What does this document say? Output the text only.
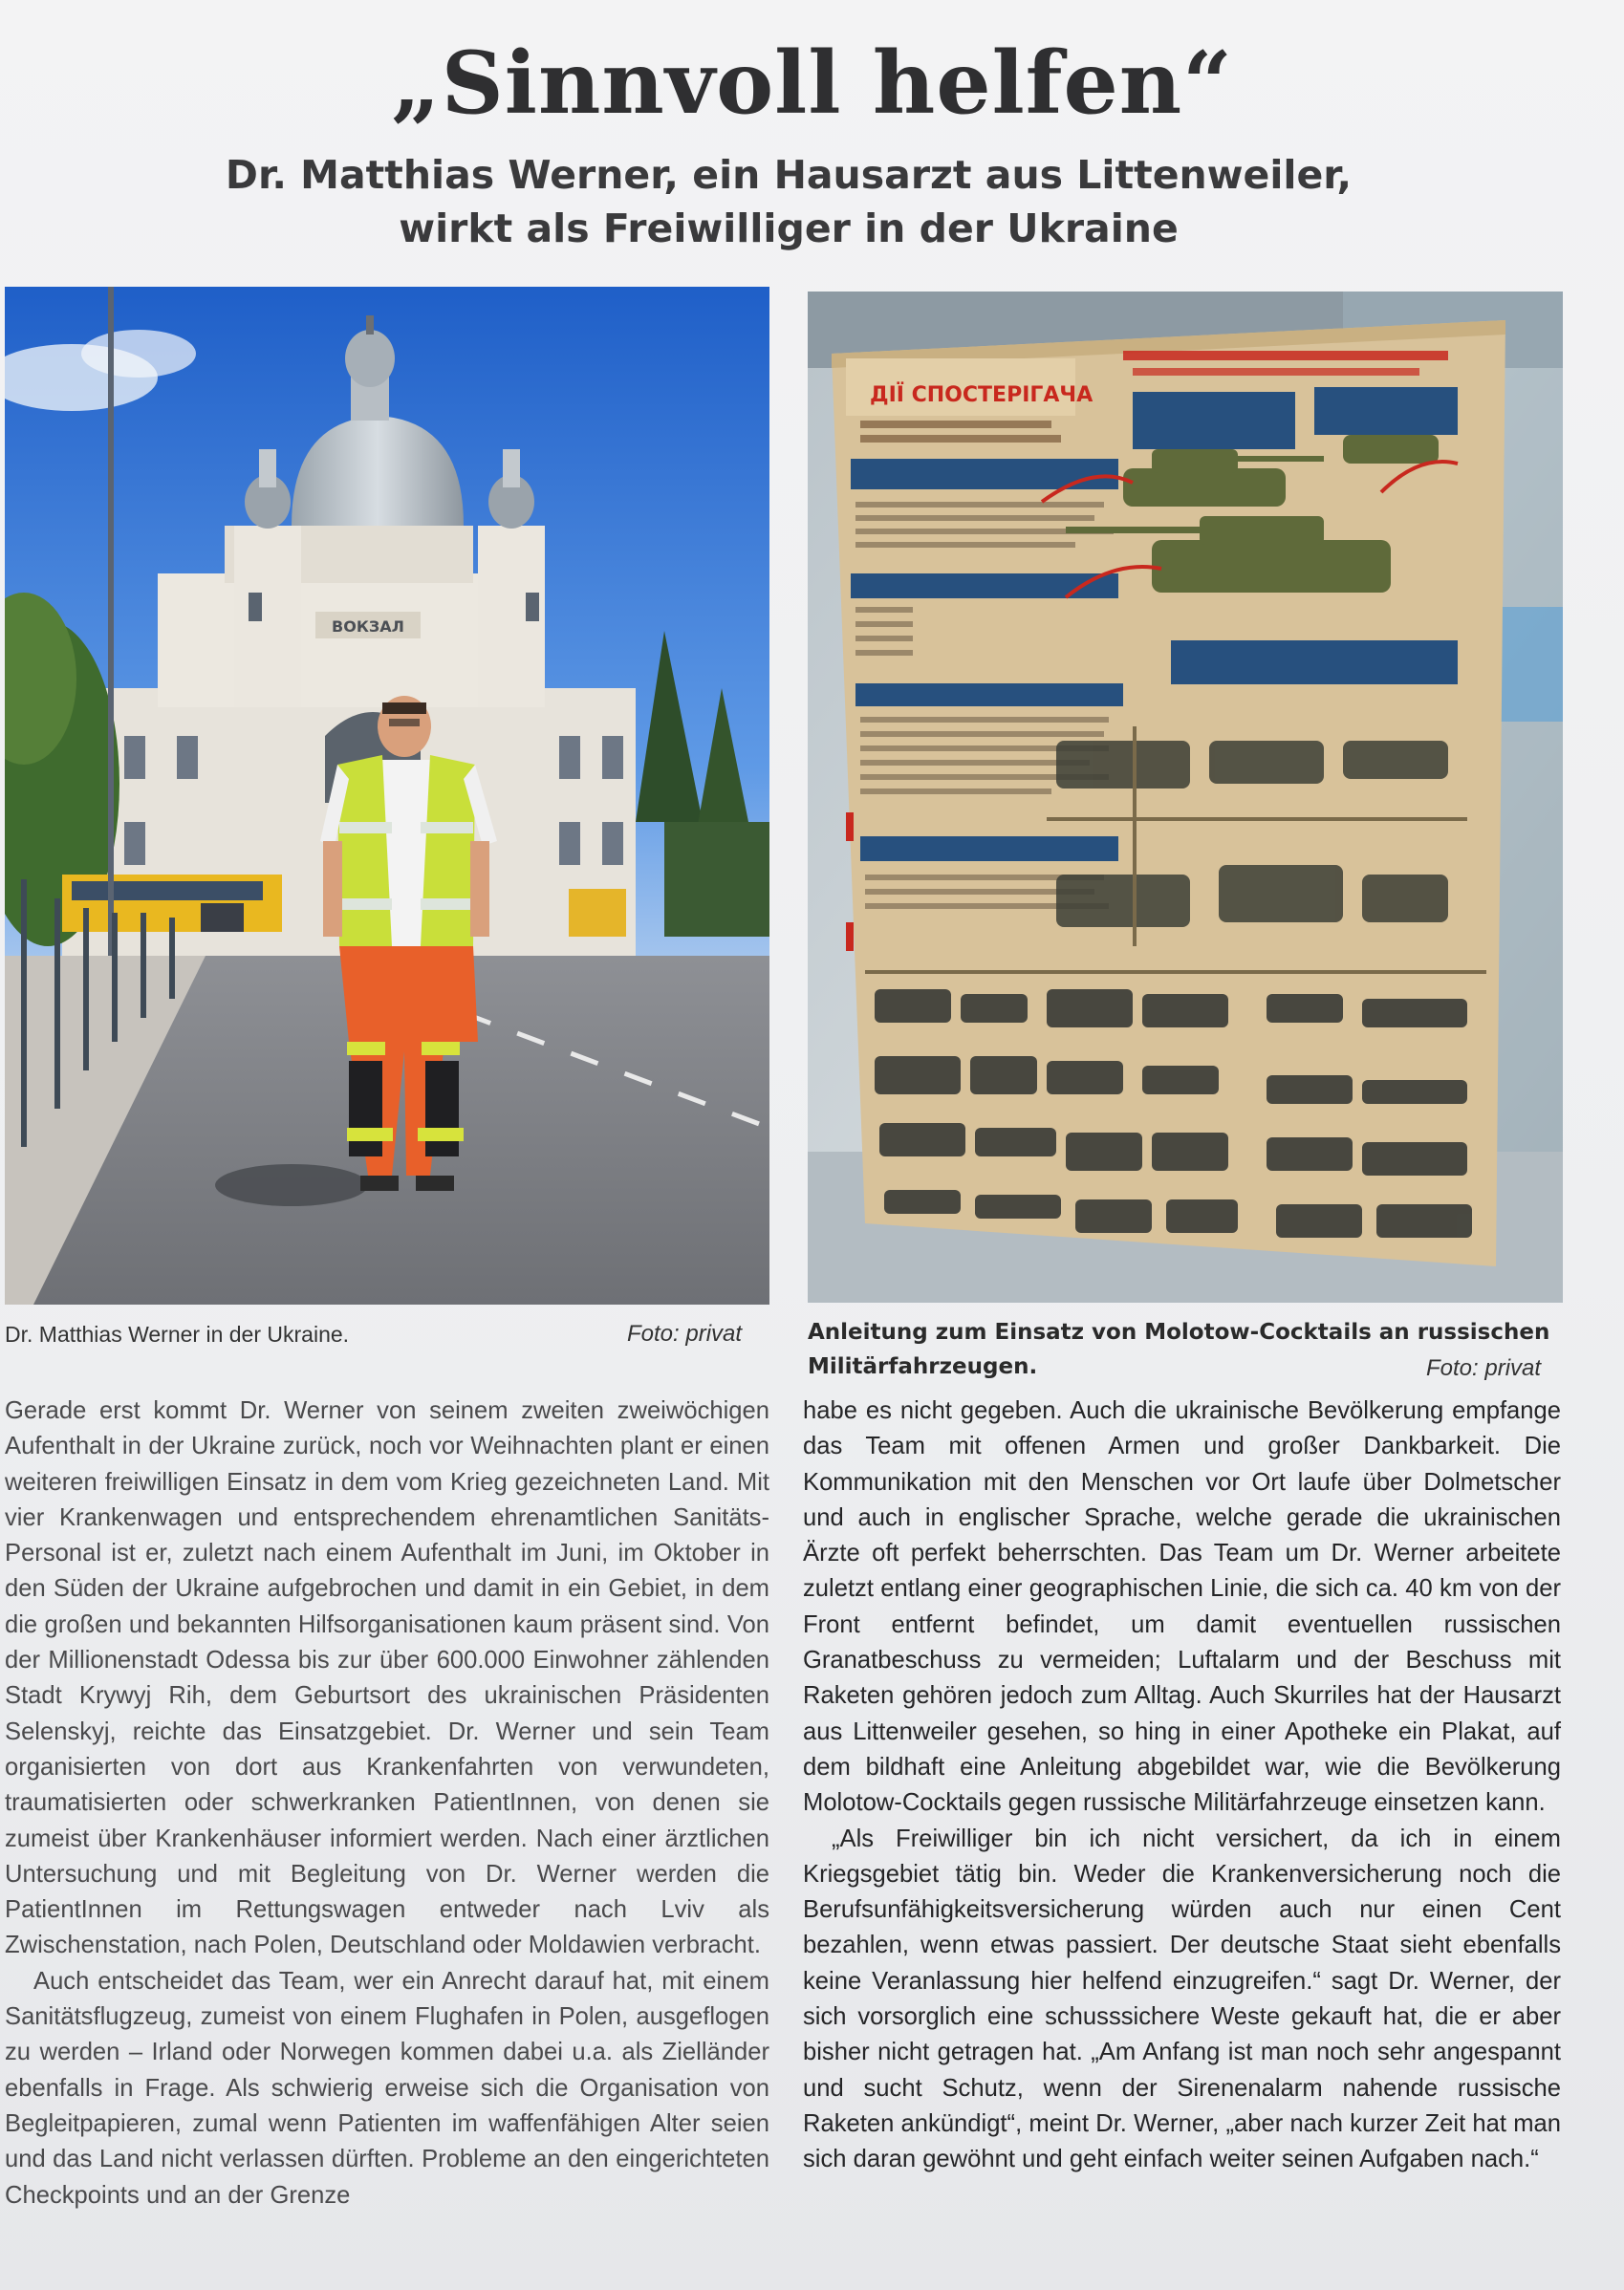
„Sinnvoll helfen“
Dr. Matthias Werner, ein Hausarzt aus Littenweiler,
wirkt als Freiwilliger in der Ukraine
ВОКЗАЛ
Dr. Matthias Werner in der Ukraine.	Foto: privat
ДІЇ СПОСТЕРІГАЧА
Anleitung zum Einsatz von Molotow-Cocktails an russischen
Militärfahrzeugen.	Foto: privat

Gerade erst kommt Dr. Werner von seinem zweiten zweiwöchigen Aufenthalt in der Ukraine zurück, noch vor Weihnachten plant er einen weiteren freiwilligen Einsatz in dem vom Krieg gezeichneten Land. Mit vier Krankenwagen und entsprechendem ehrenamtlichen Sanitäts-Personal ist er, zuletzt nach einem Aufenthalt im Juni, im Oktober in den Süden der Ukraine aufgebrochen und damit in ein Gebiet, in dem die großen und bekannten Hilfsorganisationen kaum präsent sind. Von der Millionenstadt Odessa bis zur über 600.000 Einwohner zählenden Stadt Krywyj Rih, dem Geburtsort des ukrainischen Präsidenten Selenskyj, reichte das Einsatzgebiet. Dr. Werner und sein Team organisierten von dort aus Krankenfahrten von verwundeten, traumatisierten oder schwerkranken PatientInnen, von denen sie zumeist über Krankenhäuser informiert werden. Nach einer ärztlichen Untersuchung und mit Begleitung von Dr. Werner werden die PatientInnen im Rettungswagen entweder nach Lviv als Zwischenstation, nach Polen, Deutschland oder Moldawien verbracht.

Auch entscheidet das Team, wer ein Anrecht darauf hat, mit einem Sanitätsflugzeug, zumeist von einem Flughafen in Polen, ausgeflogen zu werden – Irland oder Norwegen kommen dabei u.a. als Zielländer ebenfalls in Frage. Als schwierig erweise sich die Organisation von Begleitpapieren, zumal wenn Patienten im waffenfähigen Alter seien und das Land nicht verlassen dürften. Probleme an den eingerichteten Checkpoints und an der Grenze

habe es nicht gegeben. Auch die ukrainische Bevölkerung empfange das Team mit offenen Armen und großer Dankbarkeit. Die Kommunikation mit den Menschen vor Ort laufe über Dolmetscher und auch in englischer Sprache, welche gerade die ukrainischen Ärzte oft perfekt beherrschten. Das Team um Dr. Werner arbeitete zuletzt entlang einer geographischen Linie, die sich ca. 40 km von der Front entfernt befindet, um damit eventuellen russischen Granatbeschuss zu vermeiden; Luftalarm und der Beschuss mit Raketen gehören jedoch zum Alltag. Auch Skurriles hat der Hausarzt aus Littenweiler gesehen, so hing in einer Apotheke ein Plakat, auf dem bildhaft eine Anleitung abgebildet war, wie die Bevölkerung Molotow-Cocktails gegen russische Militärfahrzeuge einsetzen kann.

„Als Freiwilliger bin ich nicht versichert, da ich in einem Kriegsgebiet tätig bin. Weder die Krankenversicherung noch die Berufsunfähigkeitsversicherung würden auch nur einen Cent bezahlen, wenn etwas passiert. Der deutsche Staat sieht ebenfalls keine Veranlassung hier helfend einzugreifen.“ sagt Dr. Werner, der sich vorsorglich eine schusssichere Weste gekauft hat, die er aber bisher nicht getragen hat. „Am Anfang ist man noch sehr angespannt und sucht Schutz, wenn der Sirenenalarm nahende russische Raketen ankündigt“, meint Dr. Werner, „aber nach kurzer Zeit hat man sich daran gewöhnt und geht einfach weiter seinen Aufgaben nach.“
